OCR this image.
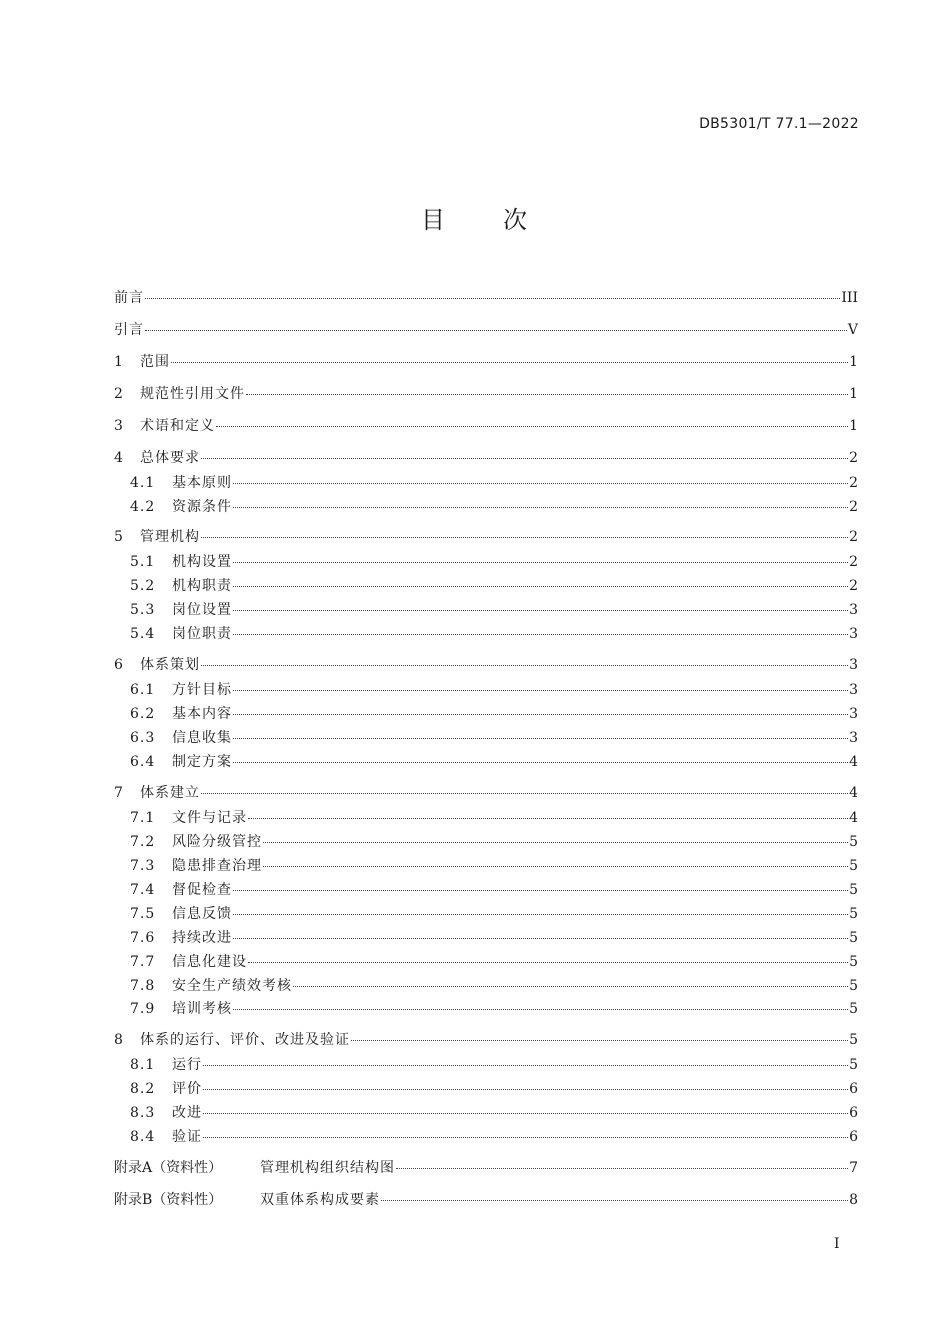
DB5301/T 77.1—2022
目 次
前言	III
引言	V
1	范围	1
2	规范性引用文件	1
3	术语和定义	1
4	总体要求	2
4.1	基本原则	2
4.2	资源条件	2
5	管理机构	2
5.1	机构设置	2
5.2	机构职责	2
5.3	岗位设置	3
5.4	岗位职责	3
6	体系策划	3
6.1	方针目标	3
6.2	基本内容	3
6.3	信息收集	3
6.4	制定方案	4
7	体系建立	4
7.1	文件与记录	4
7.2	风险分级管控	5
7.3	隐患排查治理	5
7.4	督促检查	5
7.5	信息反馈	5
7.6	持续改进	5
7.7	信息化建设	5
7.8	安全生产绩效考核	5
7.9	培训考核	5
8	体系的运行、评价、改进及验证	5
8.1	运行	5
8.2	评价	6
8.3	改进	6
8.4	验证	6
附录A（资料性）	管理机构组织结构图	7
附录B（资料性）	双重体系构成要素	8
I
